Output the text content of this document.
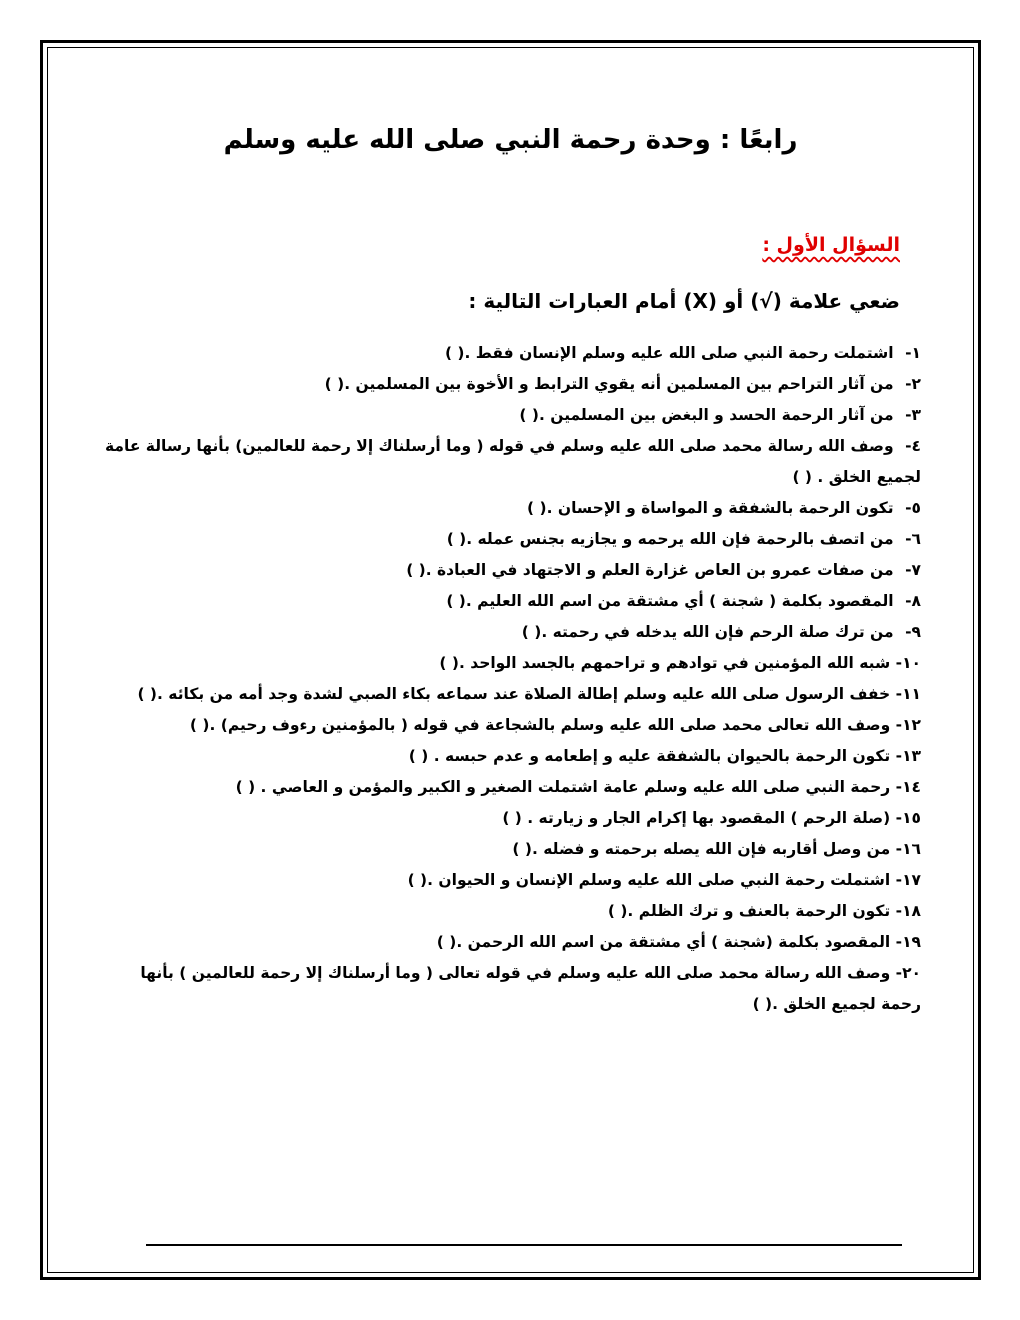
رابعًا : وحدة رحمة النبي صلى الله عليه وسلم
السؤال الأول :
ضعي علامة (√) أو (X) أمام العبارات التالية :
١- اشتملت رحمة النبي صلى الله عليه وسلم الإنسان فقط .( )
٢- من آثار التراحم بين المسلمين أنه يقوي الترابط و الأخوة بين المسلمين .( )
٣- من آثار الرحمة الحسد و البغض بين المسلمين .( )
٤- وصف الله رسالة محمد صلى الله عليه وسلم في قوله ( وما أرسلناك إلا رحمة للعالمين) بأنها رسالة عامة لجميع الخلق . ( )
٥- تكون الرحمة بالشفقة و المواساة و الإحسان .( )
٦- من اتصف بالرحمة فإن الله يرحمه و يجازيه بجنس عمله .( )
٧- من صفات عمرو بن العاص غزارة العلم و الاجتهاد في العبادة .( )
٨- المقصود بكلمة ( شجنة ) أي مشتقة من اسم الله العليم .( )
٩- من ترك صلة الرحم فإن الله يدخله في رحمته .( )
١٠- شبه الله المؤمنين في توادهم و تراحمهم بالجسد الواحد .( )
١١- خفف الرسول صلى الله عليه وسلم إطالة الصلاة عند سماعه بكاء الصبي لشدة وجد أمه من بكائه .( )
١٢- وصف الله تعالى محمد صلى الله عليه وسلم بالشجاعة في قوله ( بالمؤمنين رءوف رحيم) .( )
١٣- تكون الرحمة بالحيوان بالشفقة عليه و إطعامه و عدم حبسه . ( )
١٤- رحمة النبي صلى الله عليه وسلم عامة اشتملت الصغير و الكبير والمؤمن و العاصي . ( )
١٥- (صلة الرحم ) المقصود بها إكرام الجار و زيارته . ( )
١٦- من وصل أقاربه فإن الله يصله برحمته و فضله .( )
١٧- اشتملت رحمة النبي صلى الله عليه وسلم الإنسان و الحيوان .( )
١٨- تكون الرحمة بالعنف و ترك الظلم .( )
١٩- المقصود بكلمة (شجنة ) أي مشتقة من اسم الله الرحمن .( )
٢٠- وصف الله رسالة محمد صلى الله عليه وسلم في قوله تعالى ( وما أرسلناك إلا رحمة للعالمين ) بأنها رحمة لجميع الخلق .( )
